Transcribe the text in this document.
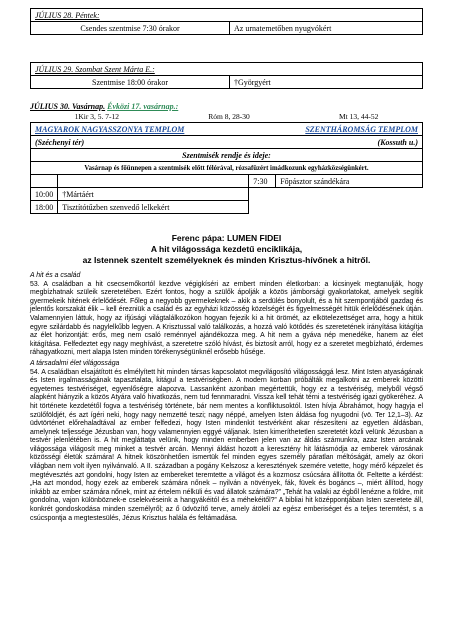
JÚLIUS 28. Péntek:
Csendes szentmise 7:30 órakor	Az urnatemetőben nyugvókért
JÚLIUS 29. Szombat Szent Márta E.:
Szentmise 18:00 órakor	†Györgyért
JÚLIUS 30. Vasárnap. Évközi 17. vasárnap.:
1Kir 3, 5. 7-12	Róm 8, 28-30	Mt 13, 44-52
MAGYAROK NAGYASSZONYA TEMPLOM		SZENTHÁROMSÁG TEMPLOM	
(Széchenyi tér)		(Kossuth u.)	
Szentmisék rendje és ideje:			
Vasárnap és főünnepen a szentmisék előtt félórával, rózsafüzért imádkozunk egyházközségünkért.			
		7:30	Főpásztor szándékára
10:00	†Mártáért		
18:00	Tisztítótűzben szenvedő lelkekért		
Ferenc pápa: LUMEN FIDEI
A hit világossága kezdetű enciklikája,
az Istennek szentelt személyeknek és minden Krisztus-hívőnek a hitről.

A hit és a család

53. A családban a hit csecsemőkortól kezdve végigkíséri az embert minden életkorban: a kicsinyek megtanulják, hogy megbízhatnak szüleik szeretetében. Ezért fontos, hogy a szülők ápolják a közös jámborsági gyakorlatokat, amelyek segítik gyermekeik hitének érlelődését. Főleg a negyobb gyermekeknek – akik a serdülés bonyolult, és a hit szempontjából gazdag és jelentős korszakát élik – kell érezniük a család és az egyházi közösség közelségét és figyelmességét hitük érlelődésének útján. Valamennyien láttuk, hogy az ifjúsági világtalálkozókon hogyan fejezik ki a hit örömét, az elkötelezettséget arra, hogy a hitük egyre szilárdabb és nagylelkűbb legyen. A Krisztussal való találkozás, a hozzá való kötődés és szeretetének irányítása kitágítja az élet horizontját: erős, meg nem csaló reménnyel ajándékozza meg. A hit nem a gyáva nép menedéke, hanem az élet kitágítása. Felfedeztet egy nagy meghívást, a szeretetre szóló hívást, és biztosít arról, hogy ez a szeretet megbízható, érdemes ráhagyatkozni, mert alapja Isten minden törékenységünknél erősebb hűsége.

A társadalmi élet világossága

54. A családban elsajátított és elmélyített hit minden társas kapcsolatot megvilágosító világossággá lesz. Mint Isten atyaságának és Isten irgalmasságának tapasztalata, kitágul a testvériségben. A modern korban próbálták megalkotni az emberek közötti egyetemes testvériséget, egyenlőségre alapozva. Lassanként azonban megértettük, hogy ez a testvériség, melyből végső alapként hiányzik a közös Atyára való hivatkozás, nem tud fennmaradni. Vissza kell tehát térni a testvériség igazi gyökeréhez. A hit története kezdetétől fogva a testvériség története, bár nem mentes a konfliktusoktól. Isten hívja Ábrahámot, hogy hagyja el szülőföldjét, és azt ígéri neki, hogy nagy nemzetté teszi; nagy néppé, amelyen Isten áldása fog nyugodni (vö. Ter 12,1–3). Az üdvtörténet előrehaladtával az ember felfedezi, hogy Isten mindenkit testvérként akar részesíteni az egyetlen áldásban, amelynek teljessége Jézusban van, hogy valamennyien eggyé váljanak. Isten kimeríthetetlen szeretetét közli velünk Jézusban a testvér jelenlétében is. A hit megláttatja velünk, hogy minden emberben jelen van az áldás számunkra, azaz Isten arcának világossága világosít meg minket a testvér arcán. Mennyi áldást hozott a keresztény hit látásmódja az emberek városának közösségi életük számára! A hitnek köszönhetően ismertük fel minden egyes személy páratlan méltóságát, amely az ókori világban nem volt ilyen nyilvánvaló. A II. században a pogány Kelszosz a keresztények szemére vetette, hogy mérő képzelet és megtévesztés azt gondolni, hogy Isten az embereket teremtette a világot és a kozmosz csúcsára állította őt. Feltette a kérdést: „Ha azt mondod, hogy ezek az emberek számára nőnek – nyilván a növények, fák, füvek és bogáncs –, miért állítod, hogy inkább az ember számára nőnek, mint az értelem nélküli és vad állatok számára?” „Tehát ha valaki az égből lenézne a földre, mit gondolna, vajon különböznek-e cselekvéseink a hangyákéitól és a méhekéitől?” A bibliai hit középpontjában Isten szeretete áll, konkrét gondoskodása minden személyről; az ő üdvözítő terve, amely átöleli az egész emberiséget és a teljes teremtést, s a csúcspontja a megtestesülés, Jézus Krisztus halála és feltámadása.
